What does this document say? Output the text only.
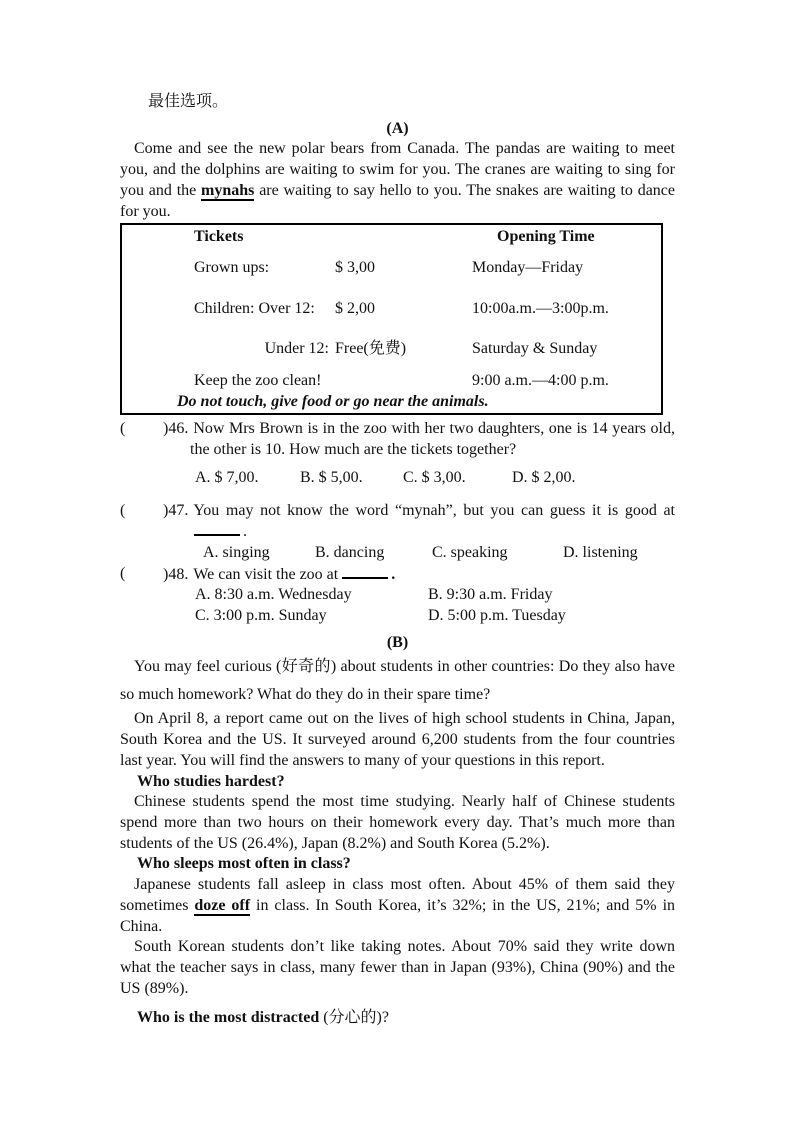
最佳选项。
(A)

Come and see the new polar bears from Canada. The pandas are waiting to meet you, and the dolphins are waiting to swim for you. The cranes are waiting to sing for you and the mynahs are waiting to say hello to you. The snakes are waiting to dance for you.

Tickets	Opening Time
Grown ups:	$ 3,00	Monday—Friday
Children: Over 12:	$ 2,00	10:00a.m.—3:00p.m.
Under 12: Free(免费)	Saturday & Sunday
Keep the zoo clean!	9:00 a.m.—4:00 p.m.
Do not touch, give food or go near the animals.
( )46. Now Mrs Brown is in the zoo with her two daughters, one is 14 years old, the other is 10. How much are the tickets together?
A. $ 7,00.	B. $ 5,00.	C. $ 3,00.	D. $ 2,00.
( )47. You may not know the word “mynah”, but you can guess it is good at.
A. singing	B. dancing	C. speaking	D. listening
( )48. We can visit the zoo at	.
A. 8:30 a.m. Wednesday	B. 9:30 a.m. Friday
C. 3:00 p.m. Sunday	D. 5:00 p.m. Tuesday
(B)

You may feel curious (好奇的) about students in other countries: Do they also have so much homework? What do they do in their spare time?

On April 8, a report came out on the lives of high school students in China, Japan, South Korea and the US. It surveyed around 6,200 students from the four countries last year. You will find the answers to many of your questions in this report.

Who studies hardest?

Chinese students spend the most time studying. Nearly half of Chinese students spend more than two hours on their homework every day. That’s much more than students of the US (26.4%), Japan (8.2%) and South Korea (5.2%).

Who sleeps most often in class?

Japanese students fall asleep in class most often. About 45% of them said they sometimes doze off in class. In South Korea, it’s 32%; in the US, 21%; and 5% in China.

South Korean students don’t like taking notes. About 70% said they write down what the teacher says in class, many fewer than in Japan (93%), China (90%) and the US (89%).

Who is the most distracted (分心的)?
